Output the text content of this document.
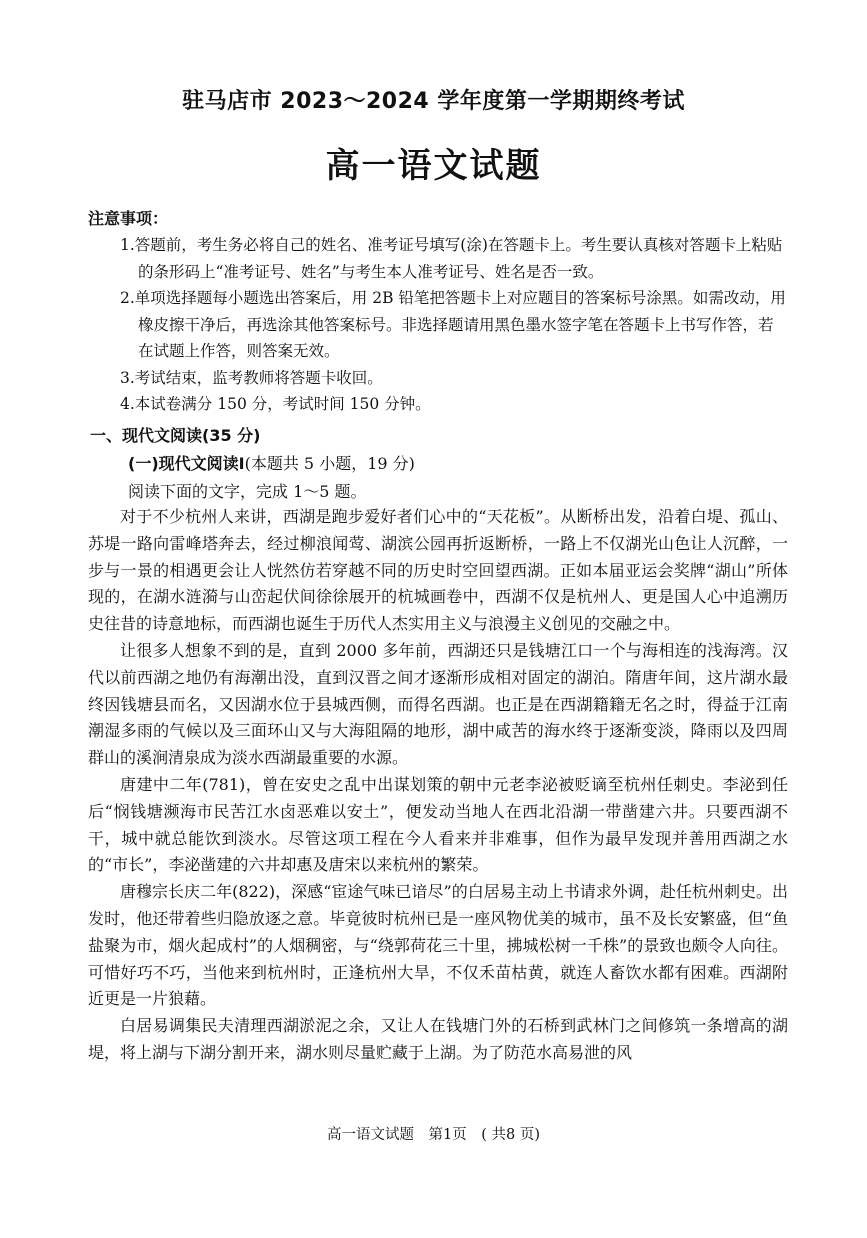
驻马店市 2023～2024 学年度第一学期期终考试
高一语文试题
注意事项：

1.答题前，考生务必将自己的姓名、准考证号填写(涂)在答题卡上。考生要认真核对答题卡上粘贴的条形码上“准考证号、姓名”与考生本人准考证号、姓名是否一致。

2.单项选择题每小题选出答案后，用 2B 铅笔把答题卡上对应题目的答案标号涂黑。如需改动，用橡皮擦干净后，再选涂其他答案标号。非选择题请用黑色墨水签字笔在答题卡上书写作答，若在试题上作答，则答案无效。

3.考试结束，监考教师将答题卡收回。

4.本试卷满分 150 分，考试时间 150 分钟。

一、现代文阅读(35 分)
(一)现代文阅读Ⅰ(本题共 5 小题，19 分)
阅读下面的文字，完成 1～5 题。

对于不少杭州人来讲，西湖是跑步爱好者们心中的“天花板”。从断桥出发，沿着白堤、孤山、苏堤一路向雷峰塔奔去，经过柳浪闻莺、湖滨公园再折返断桥，一路上不仅湖光山色让人沉醉，一步与一景的相遇更会让人恍然仿若穿越不同的历史时空回望西湖。正如本届亚运会奖牌“湖山”所体现的，在湖水涟漪与山峦起伏间徐徐展开的杭城画卷中，西湖不仅是杭州人、更是国人心中追溯历史往昔的诗意地标，而西湖也诞生于历代人杰实用主义与浪漫主义创见的交融之中。

让很多人想象不到的是，直到 2000 多年前，西湖还只是钱塘江口一个与海相连的浅海湾。汉代以前西湖之地仍有海潮出没，直到汉晋之间才逐渐形成相对固定的湖泊。隋唐年间，这片湖水最终因钱塘县而名，又因湖水位于县城西侧，而得名西湖。也正是在西湖籍籍无名之时，得益于江南潮湿多雨的气候以及三面环山又与大海阻隔的地形，湖中咸苦的海水终于逐渐变淡，降雨以及四周群山的溪涧清泉成为淡水西湖最重要的水源。

唐建中二年(781)，曾在安史之乱中出谋划策的朝中元老李泌被贬谪至杭州任刺史。李泌到任后“悯钱塘濒海市民苦江水卤恶难以安土”，便发动当地人在西北沿湖一带凿建六井。只要西湖不干，城中就总能饮到淡水。尽管这项工程在今人看来并非难事，但作为最早发现并善用西湖之水的“市长”，李泌凿建的六井却惠及唐宋以来杭州的繁荣。

唐穆宗长庆二年(822)，深感“宦途气味已谙尽”的白居易主动上书请求外调，赴任杭州刺史。出发时，他还带着些归隐放逐之意。毕竟彼时杭州已是一座风物优美的城市，虽不及长安繁盛，但“鱼盐聚为市，烟火起成村”的人烟稠密，与“绕郭荷花三十里，拂城松树一千株”的景致也颇令人向往。可惜好巧不巧，当他来到杭州时，正逢杭州大旱，不仅禾苗枯黄，就连人畜饮水都有困难。西湖附近更是一片狼藉。

白居易调集民夫清理西湖淤泥之余，又让人在钱塘门外的石桥到武林门之间修筑一条增高的湖堤，将上湖与下湖分割开来，湖水则尽量贮藏于上湖。为了防范水高易泄的风

高一语文试题　第1页　( 共8 页)
